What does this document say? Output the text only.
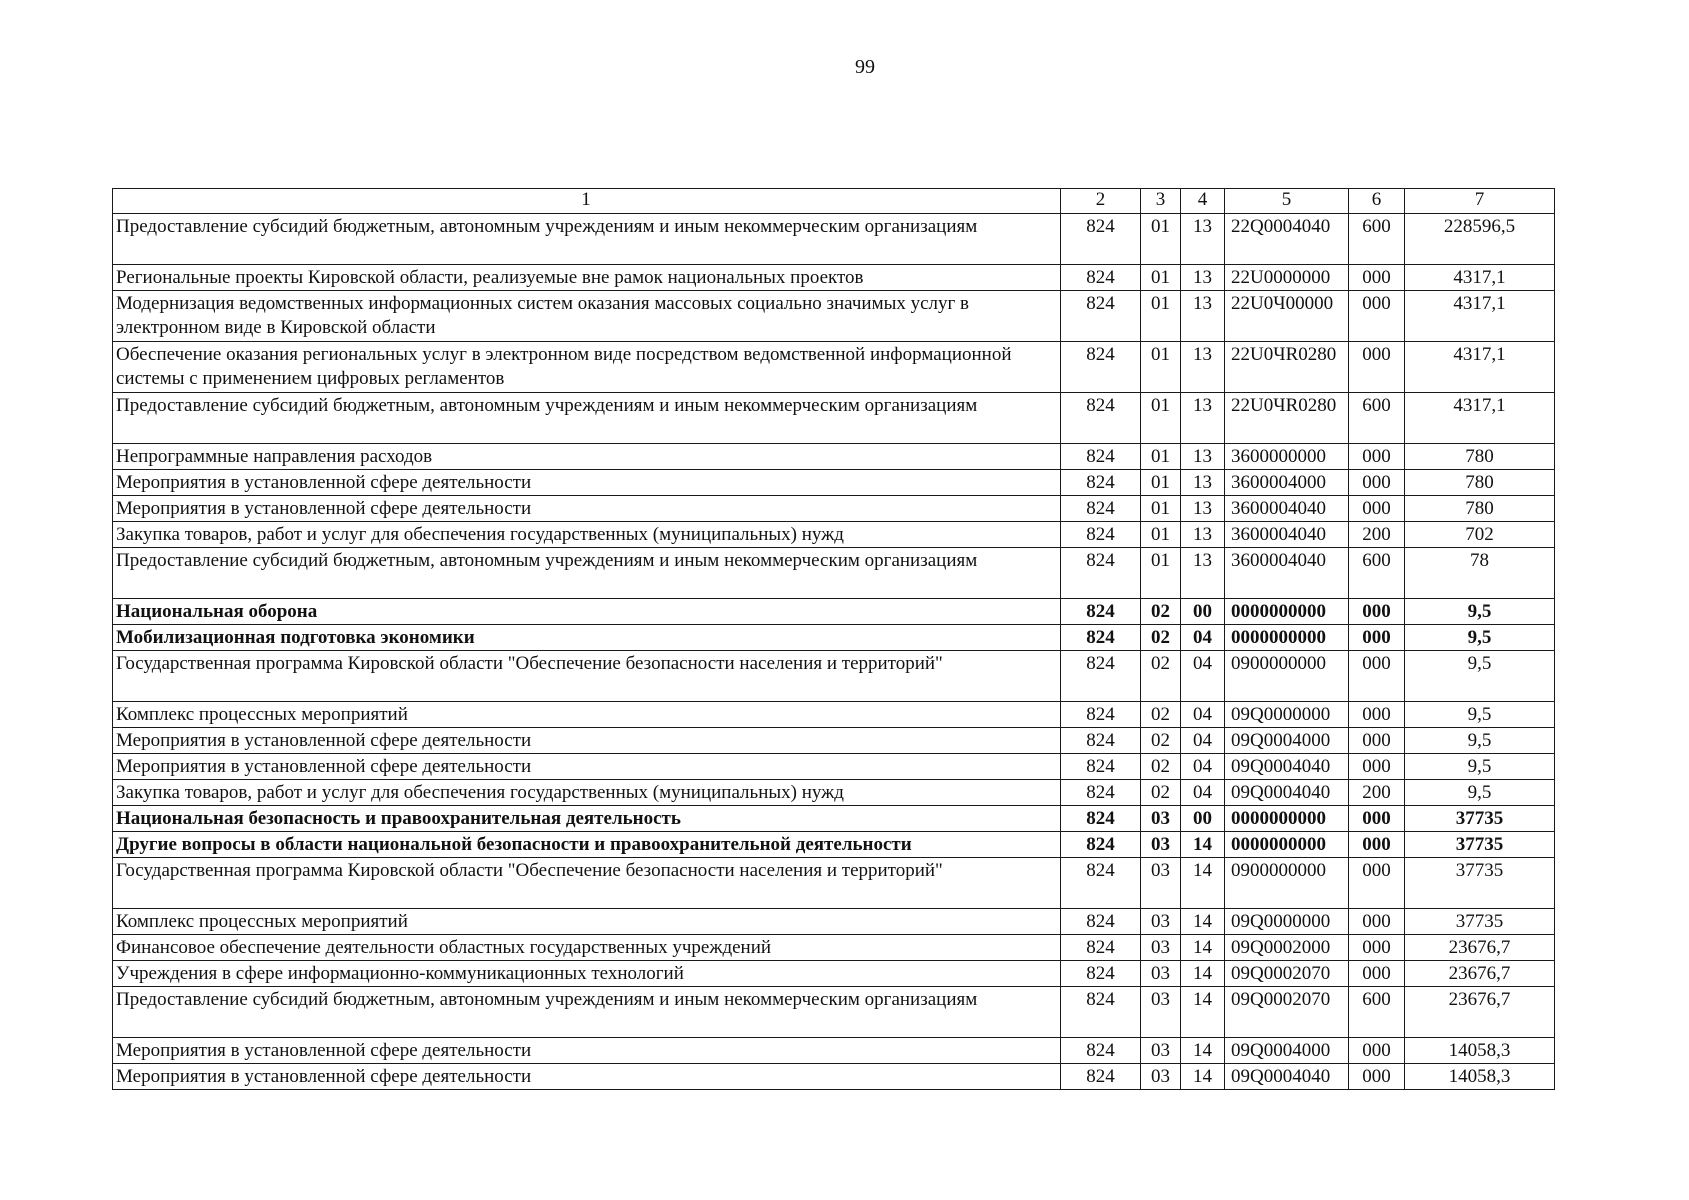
99
1	2	3	4	5	6	7
Предоставление субсидий бюджетным, автономным учреждениям и иным некоммерческим организациям	824	01	13	22Q0004040	600	228596,5
Региональные проекты Кировской области, реализуемые вне рамок национальных проектов	824	01	13	22U0000000	000	4317,1
Модернизация ведомственных информационных систем оказания массовых социально значимых услуг в электронном виде в Кировской области	824	01	13	22U0Ч00000	000	4317,1
Обеспечение оказания региональных услуг в электронном виде посредством ведомственной информационной системы с применением цифровых регламентов	824	01	13	22U0ЧR0280	000	4317,1
Предоставление субсидий бюджетным, автономным учреждениям и иным некоммерческим организациям	824	01	13	22U0ЧR0280	600	4317,1
Непрограммные направления расходов	824	01	13	3600000000	000	780
Мероприятия в установленной сфере деятельности	824	01	13	3600004000	000	780
Мероприятия в установленной сфере деятельности	824	01	13	3600004040	000	780
Закупка товаров, работ и услуг для обеспечения государственных (муниципальных) нужд	824	01	13	3600004040	200	702
Предоставление субсидий бюджетным, автономным учреждениям и иным некоммерческим организациям	824	01	13	3600004040	600	78
Национальная оборона	824	02	00	0000000000	000	9,5
Мобилизационная подготовка экономики	824	02	04	0000000000	000	9,5
Государственная программа Кировской области "Обеспечение безопасности населения и территорий"	824	02	04	0900000000	000	9,5
Комплекс процессных мероприятий	824	02	04	09Q0000000	000	9,5
Мероприятия в установленной сфере деятельности	824	02	04	09Q0004000	000	9,5
Мероприятия в установленной сфере деятельности	824	02	04	09Q0004040	000	9,5
Закупка товаров, работ и услуг для обеспечения государственных (муниципальных) нужд	824	02	04	09Q0004040	200	9,5
Национальная безопасность и правоохранительная деятельность	824	03	00	0000000000	000	37735
Другие вопросы в области национальной безопасности и правоохранительной деятельности	824	03	14	0000000000	000	37735
Государственная программа Кировской области "Обеспечение безопасности населения и территорий"	824	03	14	0900000000	000	37735
Комплекс процессных мероприятий	824	03	14	09Q0000000	000	37735
Финансовое обеспечение деятельности областных государственных учреждений	824	03	14	09Q0002000	000	23676,7
Учреждения в сфере информационно-коммуникационных технологий	824	03	14	09Q0002070	000	23676,7
Предоставление субсидий бюджетным, автономным учреждениям и иным некоммерческим организациям	824	03	14	09Q0002070	600	23676,7
Мероприятия в установленной сфере деятельности	824	03	14	09Q0004000	000	14058,3
Мероприятия в установленной сфере деятельности	824	03	14	09Q0004040	000	14058,3
